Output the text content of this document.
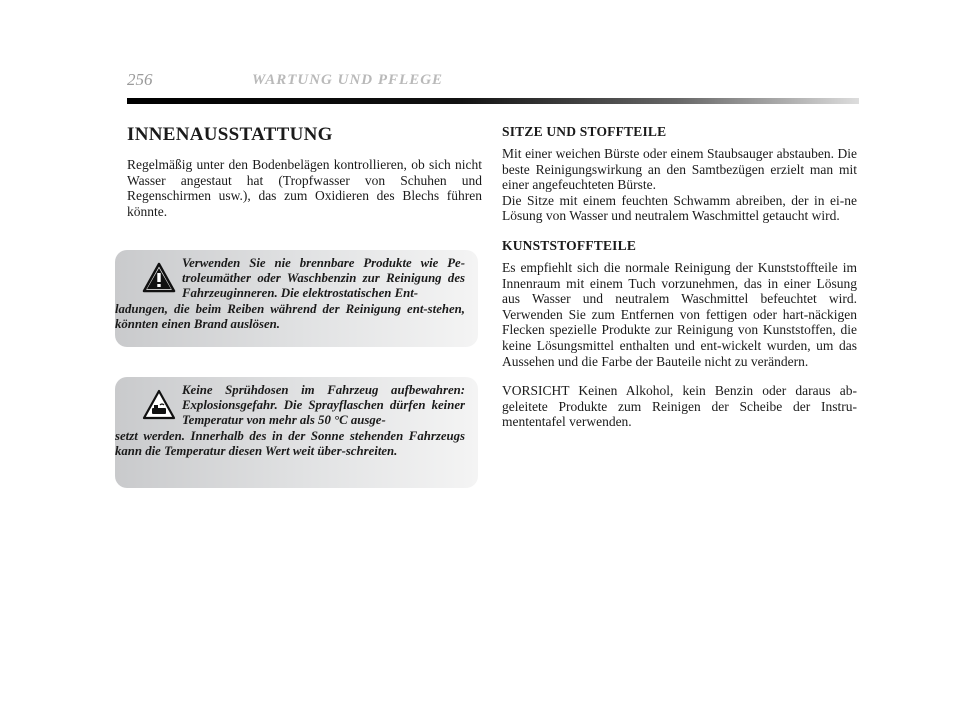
256	WARTUNG UND PFLEGE
INNENAUSSTATTUNG

Regelmäßig unter den Bodenbelägen kontrollieren, ob sich nicht Wasser angestaut hat (Tropfwasser von Schuhen und Regenschirmen usw.), das zum Oxidieren des Blechs führen könnte.

Verwenden Sie nie brennbare Produkte wie Pe-troleumäther oder Waschbenzin zur Reinigung des Fahrzeuginneren. Die elektrostatischen Ent-
ladungen, die beim Reiben während der Reinigung ent-stehen, könnten einen Brand auslösen.
Keine Sprühdosen im Fahrzeug aufbewahren: Explosionsgefahr. Die Sprayflaschen dürfen keiner Temperatur von mehr als 50 °C ausge-
setzt werden. Innerhalb des in der Sonne stehenden Fahrzeugs kann die Temperatur diesen Wert weit über-schreiten.
SITZE UND STOFFTEILE

Mit einer weichen Bürste oder einem Staubsauger abstauben. Die beste Reinigungswirkung an den Samtbezügen erzielt man mit einer angefeuchteten Bürste.

Die Sitze mit einem feuchten Schwamm abreiben, der in ei-ne Lösung von Wasser und neutralem Waschmittel getaucht wird.

KUNSTSTOFFTEILE

Es empfiehlt sich die normale Reinigung der Kunststoffteile im Innenraum mit einem Tuch vorzunehmen, das in einer Lösung aus Wasser und neutralem Waschmittel befeuchtet wird. Verwenden Sie zum Entfernen von fettigen oder hart-näckigen Flecken spezielle Produkte zur Reinigung von Kunststoffen, die keine Lösungsmittel enthalten und ent-wickelt wurden, um das Aussehen und die Farbe der Bauteile nicht zu verändern.

VORSICHT Keinen Alkohol, kein Benzin oder daraus ab-geleitete Produkte zum Reinigen der Scheibe der Instru-mententafel verwenden.
